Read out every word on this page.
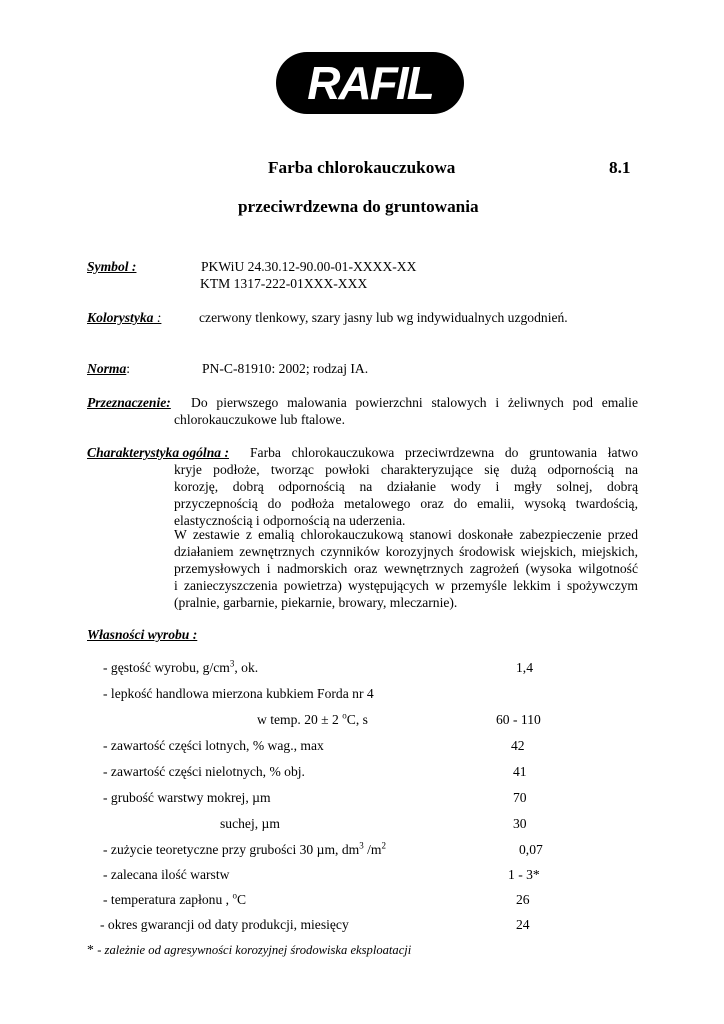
RAFIL
Farba chlorokauczukowa	8.1
przeciwrdzewna do gruntowania
Symbol :	PKWiU 24.30.12-90.00-01-XXXX-XX
KTM 1317-222-01XXX-XXX
Kolorystyka :	czerwony tlenkowy, szary jasny lub wg indywidualnych uzgodnień.
Norma:	PN-C-81910: 2002; rodzaj IA.
Przeznaczenie: Do pierwszego malowania powierzchni stalowych i żeliwnych pod emalie
chlorokauczukowe lub ftalowe.
Charakterystyka ogólna : Farba chlorokauczukowa przeciwrdzewna do gruntowania łatwo
kryje podłoże, tworząc powłoki charakteryzujące się dużą odpornością na
korozję, dobrą odpornością na działanie wody i mgły solnej, dobrą
przyczepnością do podłoża metalowego oraz do emalii, wysoką twardością,
elastycznością i odpornością na uderzenia.
W zestawie z emalią chlorokauczukową stanowi doskonałe zabezpieczenie przed
działaniem zewnętrznych czynników korozyjnych środowisk wiejskich, miejskich,
przemysłowych i nadmorskich oraz wewnętrznych zagrożeń (wysoka wilgotność
i zanieczyszczenia powietrza) występujących w przemyśle lekkim i spożywczym
(pralnie, garbarnie, piekarnie, browary, mleczarnie).
Własności wyrobu :
- gęstość wyrobu, $g/cm^3$, ok.	1,4
- lepkość handlowa mierzona kubkiem Forda nr 4
w temp. 20 ± 2 $^o$C, s	60 - 110
- zawartość części lotnych, % wag., max	42
- zawartość części nielotnych, % obj.	41
- grubość warstwy mokrej, µm	70
suchej, µm	30
- zużycie teoretyczne przy grubości 30 µm, $dm^3$ $/m^2$	0,07
- zalecana ilość warstw	1 - 3*
- temperatura zapłonu , $^o$C	26
- okres gwarancji od daty produkcji, miesięcy	24
* - zależnie od agresywności korozyjnej środowiska eksploatacji
